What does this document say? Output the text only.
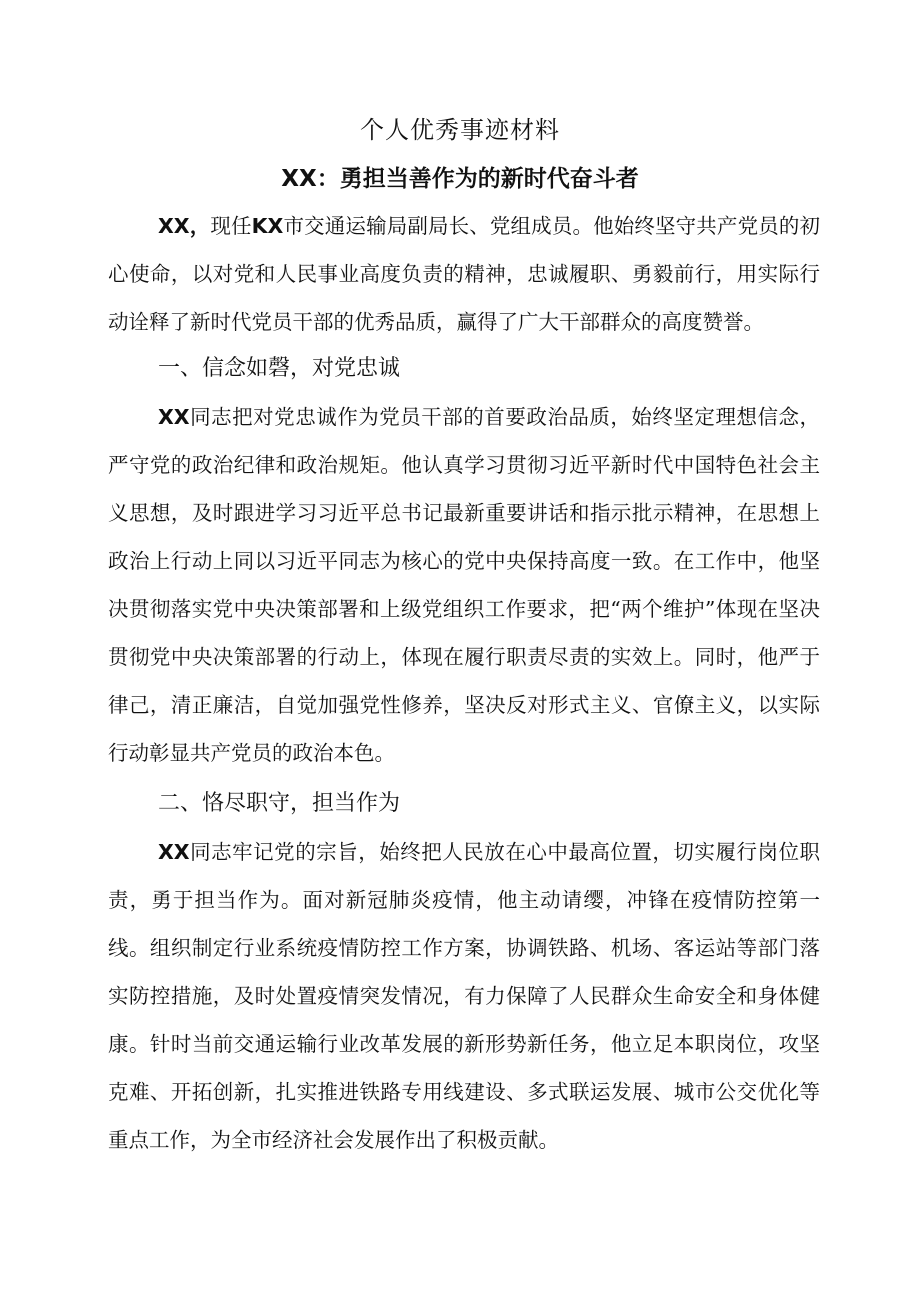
个人优秀事迹材料
XX：勇担当善作为的新时代奋斗者

XX，现任KX市交通运输局副局长、党组成员。他始终坚守共产党员的初心使命，以对党和人民事业高度负责的精神，忠诚履职、勇毅前行，用实际行动诠释了新时代党员干部的优秀品质，赢得了广大干部群众的高度赞誉。

一、信念如磬，对党忠诚

XX同志把对党忠诚作为党员干部的首要政治品质，始终坚定理想信念，严守党的政治纪律和政治规矩。他认真学习贯彻习近平新时代中国特色社会主义思想，及时跟进学习习近平总书记最新重要讲话和指示批示精神，在思想上政治上行动上同以习近平同志为核心的党中央保持高度一致。在工作中，他坚决贯彻落实党中央决策部署和上级党组织工作要求，把“两个维护”体现在坚决贯彻党中央决策部署的行动上，体现在履行职责尽责的实效上。同时，他严于律己，清正廉洁，自觉加强党性修养，坚决反对形式主义、官僚主义，以实际行动彰显共产党员的政治本色。

二、恪尽职守，担当作为

XX同志牢记党的宗旨，始终把人民放在心中最高位置，切实履行岗位职责，勇于担当作为。面对新冠肺炎疫情，他主动请缨，冲锋在疫情防控第一线。组织制定行业系统疫情防控工作方案，协调铁路、机场、客运站等部门落实防控措施，及时处置疫情突发情况，有力保障了人民群众生命安全和身体健康。针时当前交通运输行业改革发展的新形势新任务，他立足本职岗位，攻坚克难、开拓创新，扎实推进铁路专用线建设、多式联运发展、城市公交优化等重点工作，为全市经济社会发展作出了积极贡献。
